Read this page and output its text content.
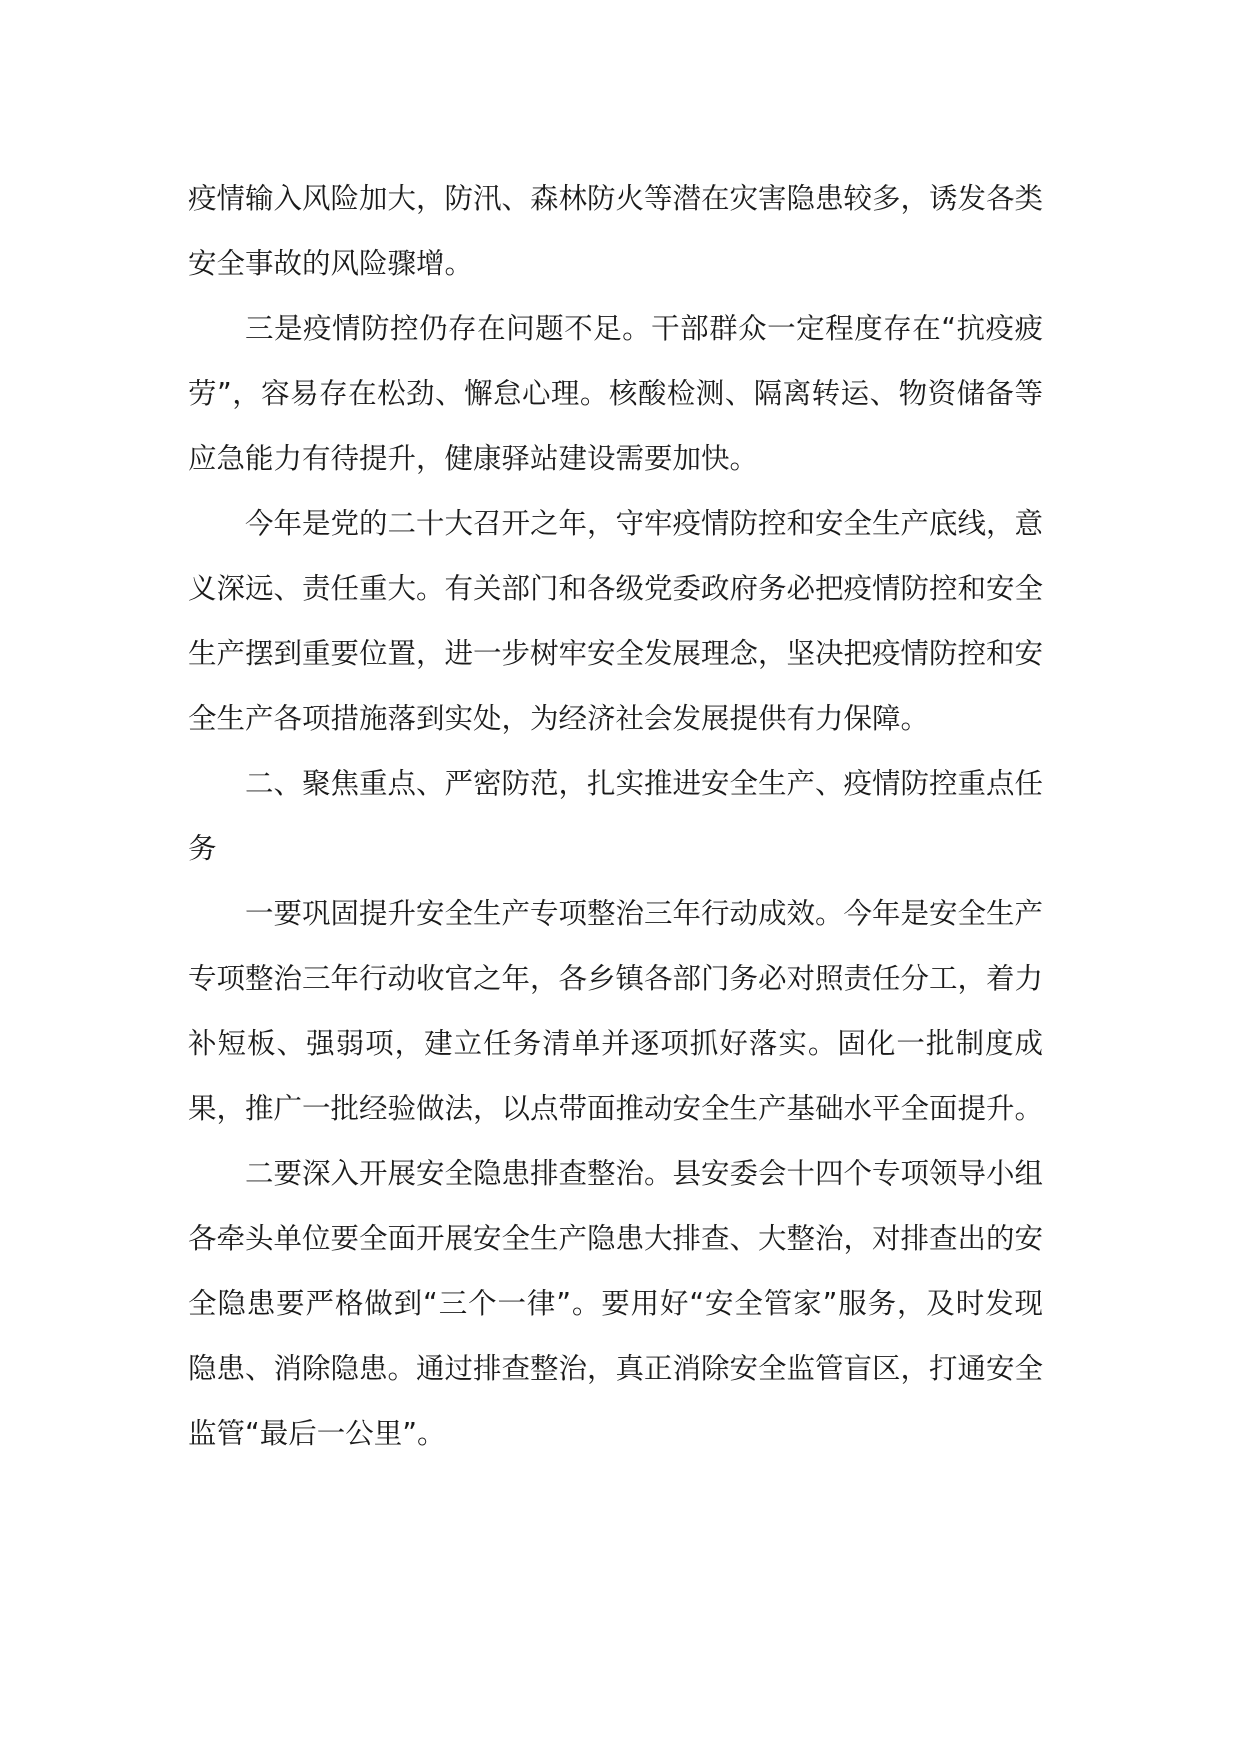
疫情输入风险加大，防汛、森林防火等潜在灾害隐患较多，诱发各类安全事故的风险骤增。

三是疫情防控仍存在问题不足。干部群众一定程度存在“抗疫疲劳”，容易存在松劲、懈怠心理。核酸检测、隔离转运、物资储备等应急能力有待提升，健康驿站建设需要加快。

今年是党的二十大召开之年，守牢疫情防控和安全生产底线，意义深远、责任重大。有关部门和各级党委政府务必把疫情防控和安全生产摆到重要位置，进一步树牢安全发展理念，坚决把疫情防控和安全生产各项措施落到实处，为经济社会发展提供有力保障。

二、聚焦重点、严密防范，扎实推进安全生产、疫情防控重点任务

一要巩固提升安全生产专项整治三年行动成效。今年是安全生产专项整治三年行动收官之年，各乡镇各部门务必对照责任分工，着力补短板、强弱项，建立任务清单并逐项抓好落实。固化一批制度成果，推广一批经验做法，以点带面推动安全生产基础水平全面提升。

二要深入开展安全隐患排查整治。县安委会十四个专项领导小组各牵头单位要全面开展安全生产隐患大排查、大整治，对排查出的安全隐患要严格做到“三个一律”。要用好“安全管家”服务，及时发现隐患、消除隐患。通过排查整治，真正消除安全监管盲区，打通安全监管“最后一公里”。
